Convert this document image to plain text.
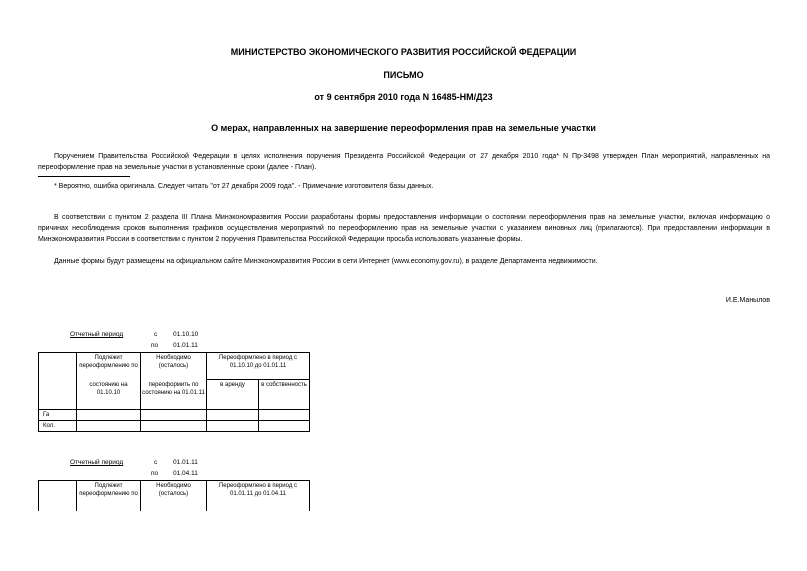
МИНИСТЕРСТВО ЭКОНОМИЧЕСКОГО РАЗВИТИЯ РОССИЙСКОЙ ФЕДЕРАЦИИ
ПИСЬМО
от 9 сентября 2010 года N 16485-НМ/Д23
О мерах, направленных на завершение переоформления прав на земельные участки
Поручением Правительства Российской Федерации в целях исполнения поручения Президента Российской Федерации от 27 декабря 2010 года* N Пр-3498 утвержден План мероприятий, направленных на переоформление прав на земельные участки в установленные сроки (далее - План).
* Вероятно, ошибка оригинала. Следует читать "от 27 декабря 2009 года". - Примечание изготовителя базы данных.
В соответствии с пунктом 2 раздела III Плана Минэкономразвития России разработаны формы предоставления информации о состоянии переоформления прав на земельные участки, включая информацию о причинах несоблюдения сроков выполнения графиков осуществления мероприятий по переоформлению прав на земельные участки с указанием виновных лиц (прилагаются). При предоставлении информации в Минэкономразвития России в соответствии с пунктом 2 поручения Правительства Российской Федерации просьба использовать указанные формы.
Данные формы будут размещены на официальном сайте Минэкономразвития России в сети Интернет (www.economy.gov.ru), в разделе Департамента недвижимости.
И.Е.Манылов
Отчетный период	с 01.10.10
по 01.01.11
	Подлежит переоформлению по	Необходимо (осталось)	Переоформлено в период с 01.10.10 до 01.01.11	
	состоянию на 01.10.10	переоформить по состоянию на 01.01.11	в аренду	в собственность
Га				
Кол.				
Отчетный период	с 01.01.11
по 01.04.11
	Подлежит переоформлению по	Необходимо (осталось)	Переоформлено в период с 01.01.11 до 01.04.11
